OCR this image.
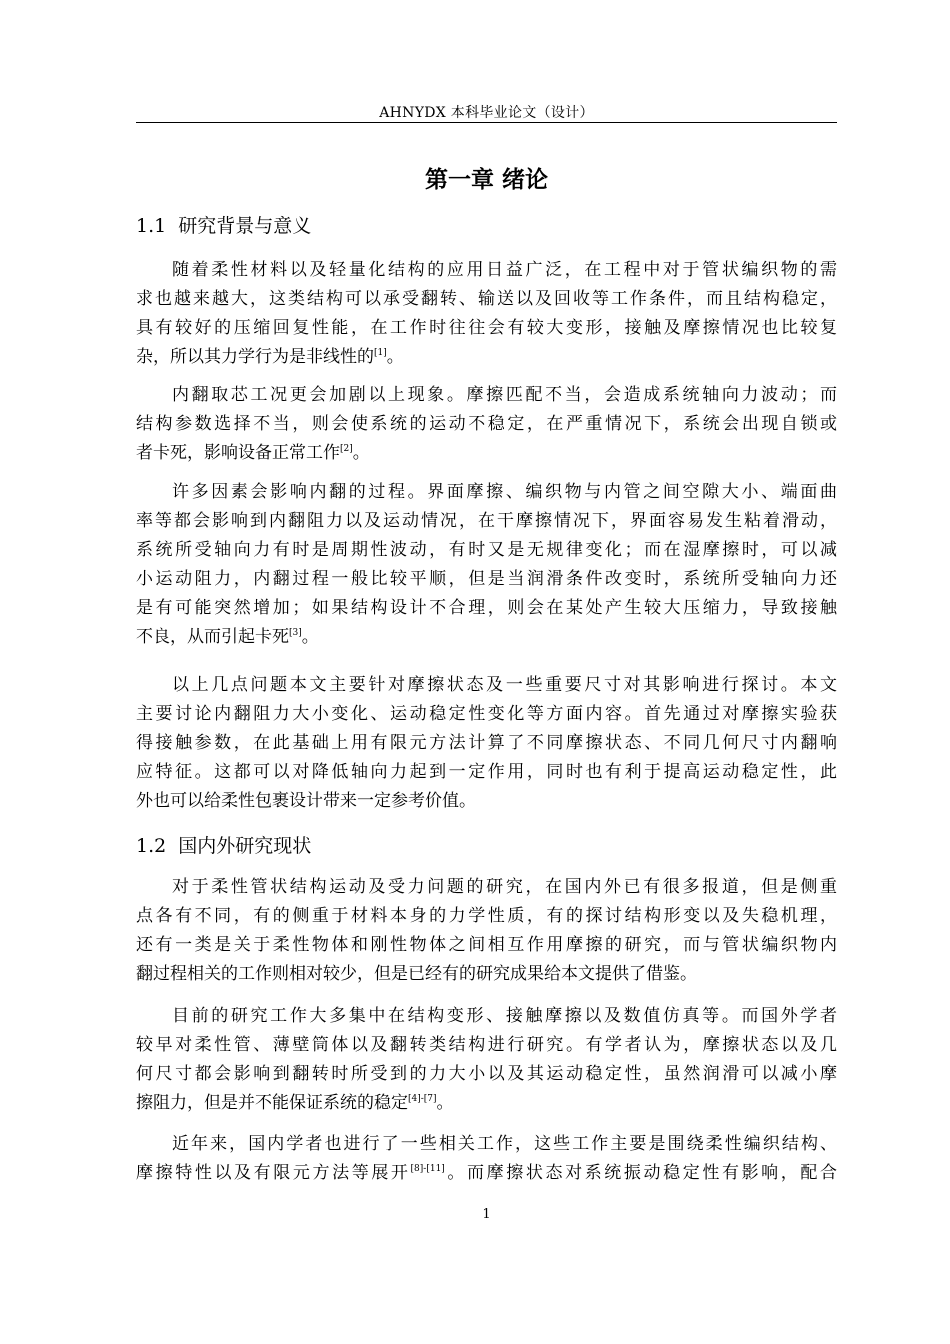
AHNYDX 本科毕业论文（设计）
第一章 绪论
1.1 研究背景与意义
随着柔性材料以及轻量化结构的应用日益广泛，在工程中对于管状编织物的需
求也越来越大，这类结构可以承受翻转、输送以及回收等工作条件，而且结构稳定，
具有较好的压缩回复性能，在工作时往往会有较大变形，接触及摩擦情况也比较复
杂，所以其力学行为是非线性的[1]。
内翻取芯工况更会加剧以上现象。摩擦匹配不当，会造成系统轴向力波动；而
结构参数选择不当，则会使系统的运动不稳定，在严重情况下，系统会出现自锁或
者卡死，影响设备正常工作[2]。
许多因素会影响内翻的过程。界面摩擦、编织物与内管之间空隙大小、端面曲
率等都会影响到内翻阻力以及运动情况，在干摩擦情况下，界面容易发生粘着滑动，
系统所受轴向力有时是周期性波动，有时又是无规律变化；而在湿摩擦时，可以减
小运动阻力，内翻过程一般比较平顺，但是当润滑条件改变时，系统所受轴向力还
是有可能突然增加；如果结构设计不合理，则会在某处产生较大压缩力，导致接触
不良，从而引起卡死[3]。
以上几点问题本文主要针对摩擦状态及一些重要尺寸对其影响进行探讨。本文
主要讨论内翻阻力大小变化、运动稳定性变化等方面内容。首先通过对摩擦实验获
得接触参数，在此基础上用有限元方法计算了不同摩擦状态、不同几何尺寸内翻响
应特征。这都可以对降低轴向力起到一定作用，同时也有利于提高运动稳定性，此
外也可以给柔性包裹设计带来一定参考价值。
1.2 国内外研究现状
对于柔性管状结构运动及受力问题的研究，在国内外已有很多报道，但是侧重
点各有不同，有的侧重于材料本身的力学性质，有的探讨结构形变以及失稳机理，
还有一类是关于柔性物体和刚性物体之间相互作用摩擦的研究，而与管状编织物内
翻过程相关的工作则相对较少，但是已经有的研究成果给本文提供了借鉴。
目前的研究工作大多集中在结构变形、接触摩擦以及数值仿真等。而国外学者
较早对柔性管、薄壁筒体以及翻转类结构进行研究。有学者认为，摩擦状态以及几
何尺寸都会影响到翻转时所受到的力大小以及其运动稳定性，虽然润滑可以减小摩
擦阻力，但是并不能保证系统的稳定[4]-[7]。
近年来，国内学者也进行了一些相关工作，这些工作主要是围绕柔性编织结构、
摩擦特性以及有限元方法等展开[8]-[11]。而摩擦状态对系统振动稳定性有影响，配合
1
